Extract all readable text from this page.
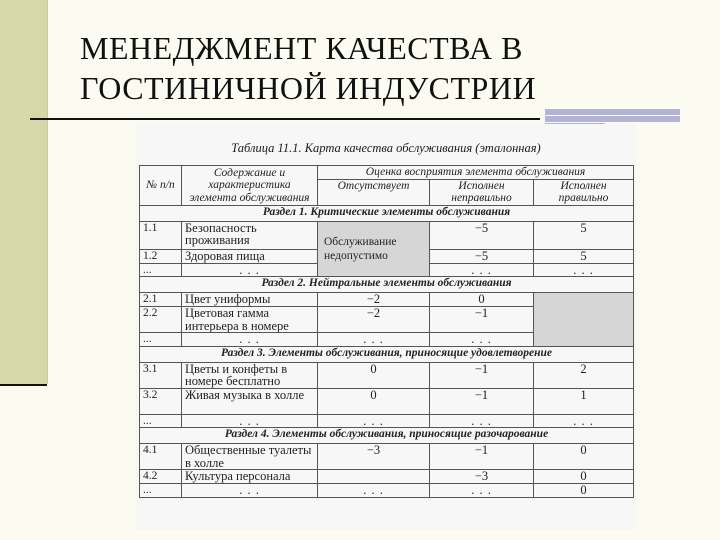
МЕНЕДЖМЕНТ КАЧЕСТВА В
ГОСТИНИЧНОЙ ИНДУСТРИИ
Таблица 11.1. Карта качества обслуживания (эталонная)
№ п/п	Содержание и характеристика элемента обслуживания	Оценка восприятия элемента обслуживания		
		Отсутствует	Исполнен неправильно	Исполнен правильно
Раздел 1. Критические элементы обслуживания				
1.1	Безопасность проживания	Обслуживание недопустимо	−5	5
1.2	Здоровая пища		−5	5
...	. . .		. . .	. . .
Раздел 2. Нейтральные элементы обслуживания				
2.1	Цвет униформы	−2	0	
2.2	Цветовая гамма интерьера в номере	−2	−1	
...	. . .	. . .	. . .	
Раздел 3. Элементы обслуживания, приносящие удовлетворение				
3.1	Цветы и конфеты в номере бесплатно	0	−1	2
3.2	Живая музыка в холле	0	−1	1
...	. . .	. . .	. . .	. . .
Раздел 4. Элементы обслуживания, приносящие разочарование				
4.1	Общественные туалеты в холле	−3	−1	0
4.2	Культура персонала		−3	0
...	. . .	. . .	. . .	0
